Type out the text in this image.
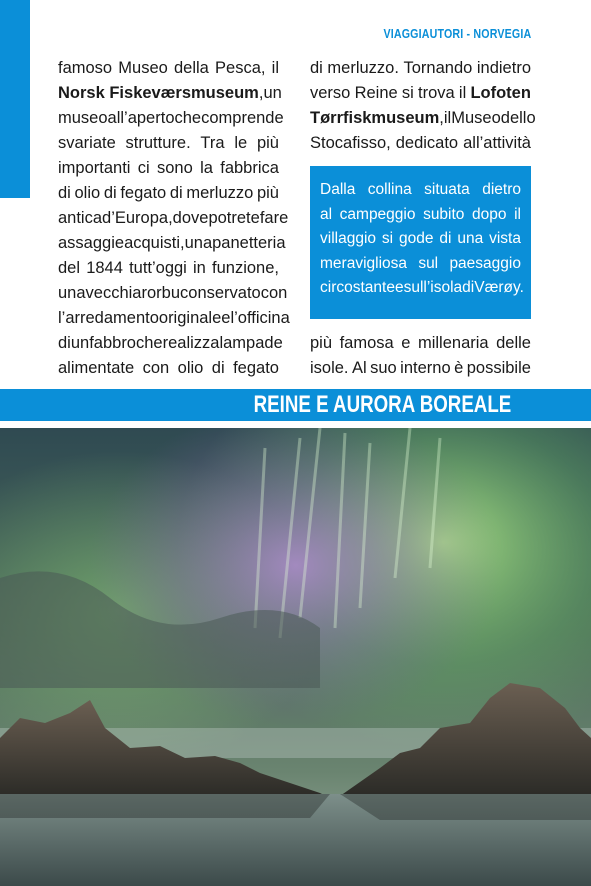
VIAGGIAUTORI - NORVEGIA
famoso Museo della Pesca, il
Norsk Fiskeværsmuseum, un
museo all’aperto che comprende
svariate strutture. Tra le più
importanti ci sono la fabbrica
di olio di fegato di merluzzo più
antica d’Europa, dove potrete fare
assaggi e acquisti, una panetteria
del 1844 tutt’oggi in funzione,
una vecchia rorbu conservato con
l’arredamento originale e l’officina
di un fabbro che realizza lampade
alimentate con olio di fegato
di merluzzo. Tornando indietro
verso Reine si trova il Lofoten
Tørrfiskmuseum, il Museo dello
Stocafisso, dedicato all’attività
Dalla collina situata dietro
al campeggio subito dopo il
villaggio si gode di una vista
meravigliosa sul paesaggio
circostante e sull’isola di Værøy.
più famosa e millenaria delle
isole. Al suo interno è possibile
REINE E AURORA BOREALE
